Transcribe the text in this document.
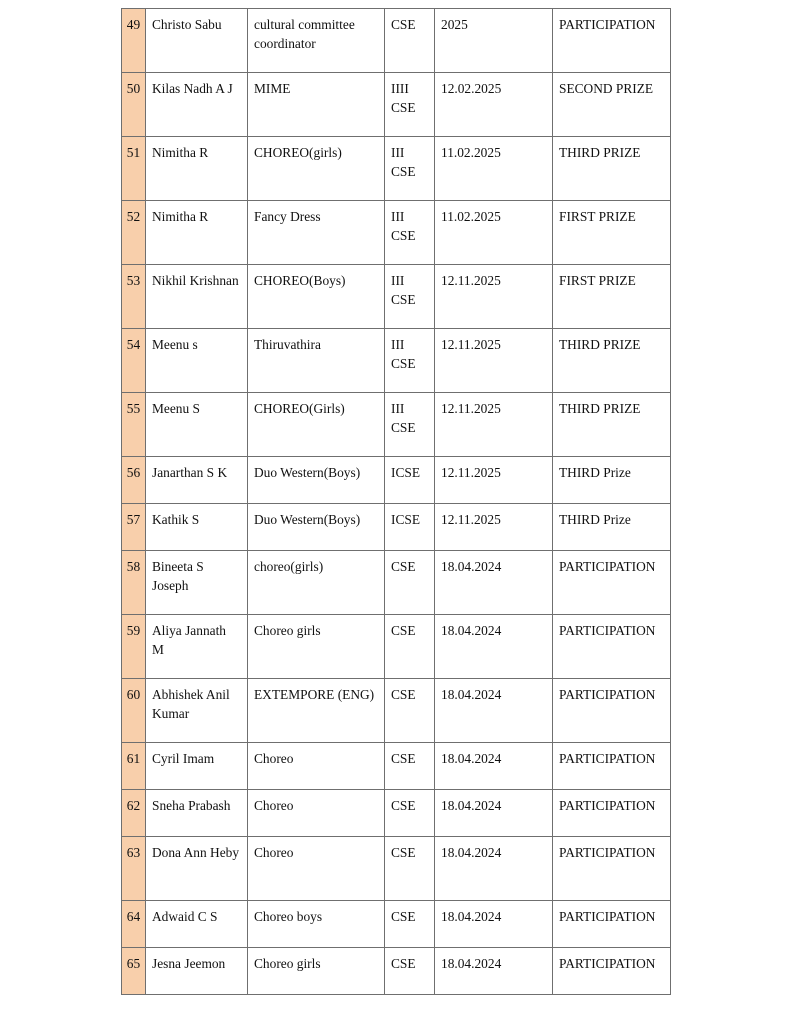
49	Christo Sabu	cultural committee coordinator	CSE	2025	PARTICIPATION
50	Kilas Nadh A J	MIME	IIII CSE	12.02.2025	SECOND PRIZE
51	Nimitha R	CHOREO(girls)	III CSE	11.02.2025	THIRD PRIZE
52	Nimitha R	Fancy Dress	III CSE	11.02.2025	FIRST PRIZE
53	Nikhil Krishnan	CHOREO(Boys)	III CSE	12.11.2025	FIRST PRIZE
54	Meenu s	Thiruvathira	III CSE	12.11.2025	THIRD PRIZE
55	Meenu S	CHOREO(Girls)	III CSE	12.11.2025	THIRD PRIZE
56	Janarthan S K	Duo Western(Boys)	ICSE	12.11.2025	THIRD Prize
57	Kathik S	Duo Western(Boys)	ICSE	12.11.2025	THIRD Prize
58	Bineeta S Joseph	choreo(girls)	CSE	18.04.2024	PARTICIPATION
59	Aliya Jannath M	Choreo girls	CSE	18.04.2024	PARTICIPATION
60	Abhishek Anil Kumar	EXTEMPORE (ENG)	CSE	18.04.2024	PARTICIPATION
61	Cyril Imam	Choreo	CSE	18.04.2024	PARTICIPATION
62	Sneha Prabash	Choreo	CSE	18.04.2024	PARTICIPATION
63	Dona Ann Heby	Choreo	CSE	18.04.2024	PARTICIPATION
64	Adwaid C S	Choreo boys	CSE	18.04.2024	PARTICIPATION
65	Jesna Jeemon	Choreo girls	CSE	18.04.2024	PARTICIPATION
